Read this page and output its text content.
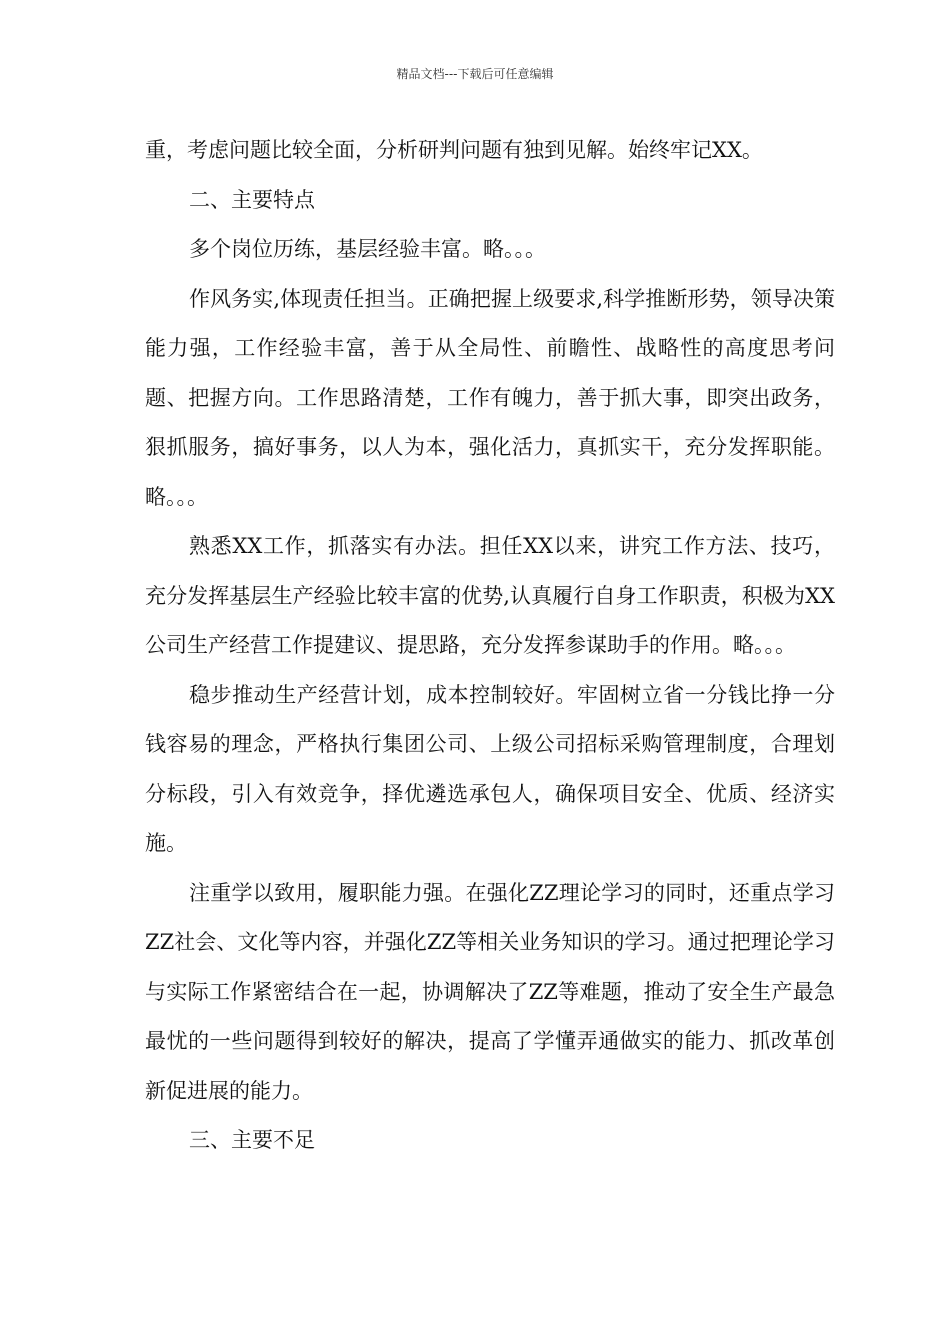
精品文档---下载后可任意编辑

重，考虑问题比较全面，分析研判问题有独到见解。始终牢记XX。

二、主要特点

多个岗位历练，基层经验丰富。略。。。

作风务实,体现责任担当。正确把握上级要求,科学推断形势，领导决策能力强，工作经验丰富，善于从全局性、前瞻性、战略性的高度思考问题、把握方向。工作思路清楚，工作有魄力，善于抓大事，即突出政务，狠抓服务，搞好事务，以人为本，强化活力，真抓实干，充分发挥职能。略。。。

熟悉XX工作，抓落实有办法。担任XX以来，讲究工作方法、技巧，充分发挥基层生产经验比较丰富的优势,认真履行自身工作职责，积极为XX公司生产经营工作提建议、提思路，充分发挥参谋助手的作用。略。。。

稳步推动生产经营计划，成本控制较好。牢固树立省一分钱比挣一分钱容易的理念，严格执行集团公司、上级公司招标采购管理制度，合理划分标段，引入有效竞争，择优遴选承包人，确保项目安全、优质、经济实施。

注重学以致用，履职能力强。在强化ZZ理论学习的同时，还重点学习ZZ社会、文化等内容，并强化ZZ等相关业务知识的学习。通过把理论学习与实际工作紧密结合在一起，协调解决了ZZ等难题，推动了安全生产最急最忧的一些问题得到较好的解决，提高了学懂弄通做实的能力、抓改革创新促进展的能力。

三、主要不足
